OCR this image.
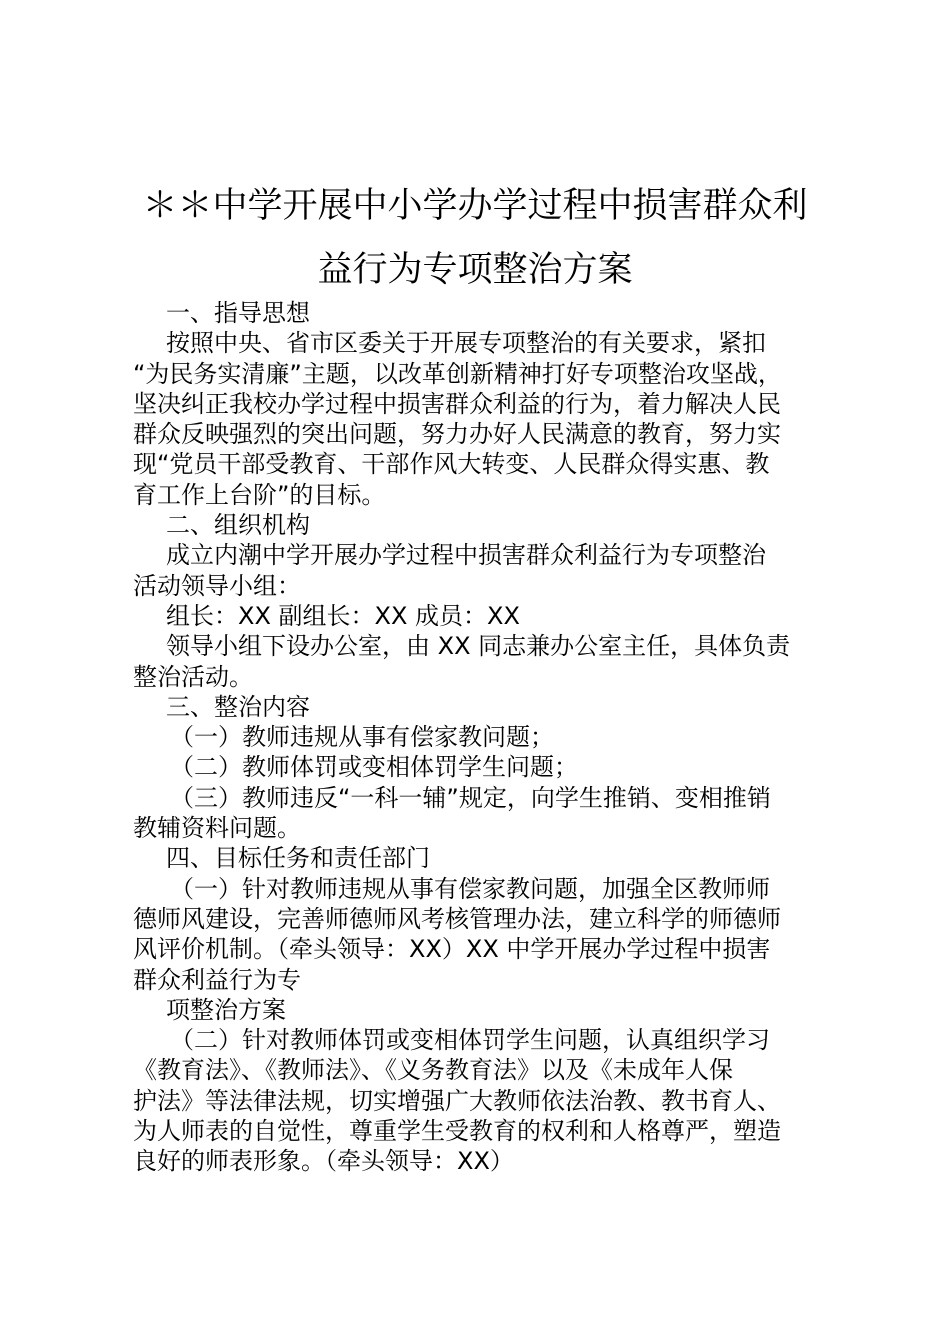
＊＊中学开展中小学办学过程中损害群众利
益行为专项整治方案

一、指导思想

按照中央、省市区委关于开展专项整治的有关要求，紧扣

“为民务实清廉”主题，以改革创新精神打好专项整治攻坚战，

坚决纠正我校办学过程中损害群众利益的行为，着力解决人民

群众反映强烈的突出问题，努力办好人民满意的教育，努力实

现“党员干部受教育、干部作风大转变、人民群众得实惠、教

育工作上台阶”的目标。

二、组织机构

成立内潮中学开展办学过程中损害群众利益行为专项整治

活动领导小组：

组长：XX 副组长：XX 成员：XX

领导小组下设办公室，由 XX 同志兼办公室主任，具体负责

整治活动。

三、整治内容

（一）教师违规从事有偿家教问题；

（二）教师体罚或变相体罚学生问题；

（三）教师违反“一科一辅”规定，向学生推销、变相推销

教辅资料问题。

四、目标任务和责任部门

（一）针对教师违规从事有偿家教问题，加强全区教师师

德师风建设，完善师德师风考核管理办法，建立科学的师德师

风评价机制。（牵头领导：XX）XX 中学开展办学过程中损害

群众利益行为专

项整治方案

（二）针对教师体罚或变相体罚学生问题，认真组织学习

《教育法》、《教师法》、《义务教育法》以及《未成年人保

护法》等法律法规，切实增强广大教师依法治教、教书育人、

为人师表的自觉性，尊重学生受教育的权利和人格尊严，塑造

良好的师表形象。（牵头领导：XX）
